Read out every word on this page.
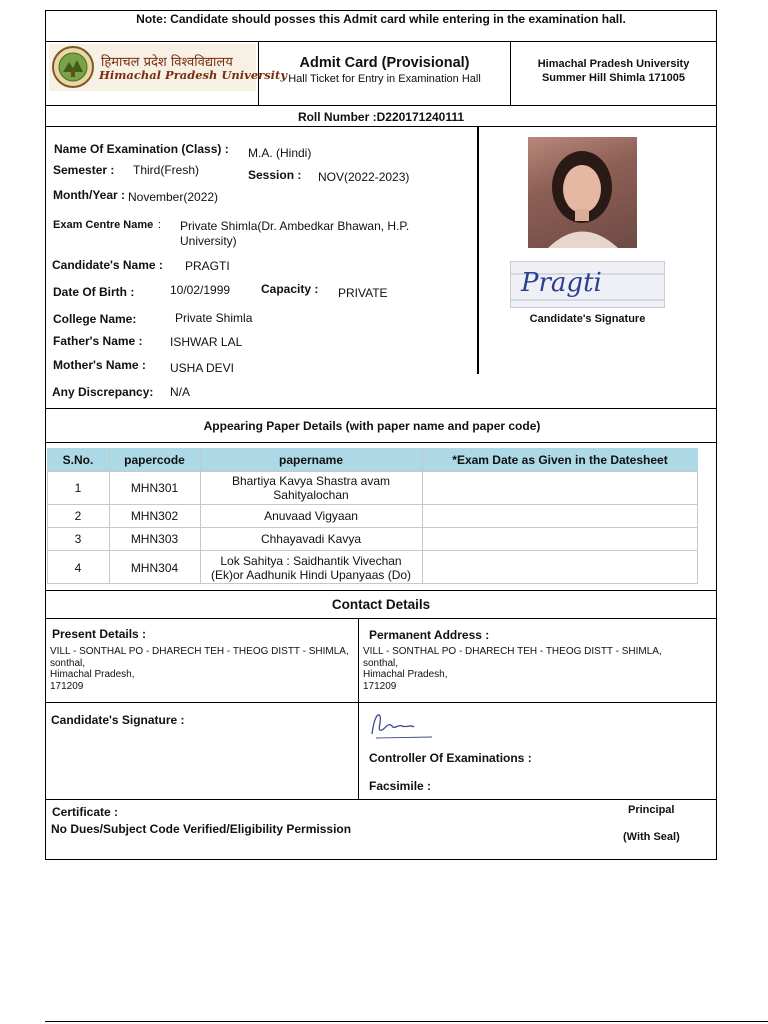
Note: Candidate should posses this Admit card while entering in the examination hall.
हिमाचल प्रदेश विश्वविद्यालय
Himachal Pradesh University
Admit Card (Provisional)
Hall Ticket for Entry in Examination Hall
Himachal Pradesh University
Summer Hill Shimla 171005
Roll Number :D220171240111
Name Of Examination (Class) : M.A. (Hindi)
Semester : Third(Fresh)	Session : NOV(2022-2023)
Month/Year : November(2022)
Exam Centre Name : Private Shimla(Dr. Ambedkar Bhawan, H.P.
University)
Candidate's Name : PRAGTI
Date Of Birth :	10/02/1999	Capacity : PRIVATE
College Name:	Private Shimla
Father's Name : ISHWAR LAL
Mother's Name : USHA DEVI
Any Discrepancy: N/A
Pragti
Candidate's Signature
Appearing Paper Details (with paper name and paper code)
S.No.	papercode	papername	*Exam Date as Given in the Datesheet
1	MHN301	Bhartiya Kavya Shastra avam
Sahityalochan
2	MHN302	Anuvaad Vigyaan
3	MHN303	Chhayavadi Kavya
4	MHN304	Lok Sahitya : Saidhantik Vivechan
(Ek)or Aadhunik Hindi Upanyaas (Do)
Contact Details
Present Details :
VILL - SONTHAL PO - DHARECH TEH - THEOG DISTT - SHIMLA,
sonthal,
Himachal Pradesh,
171209
Permanent Address :
VILL - SONTHAL PO - DHARECH TEH - THEOG DISTT - SHIMLA,
sonthal,
Himachal Pradesh,
171209
Candidate's Signature :
Controller Of Examinations :
Facsimile :
Certificate :
No Dues/Subject Code Verified/Eligibility Permission
Principal
(With Seal)
